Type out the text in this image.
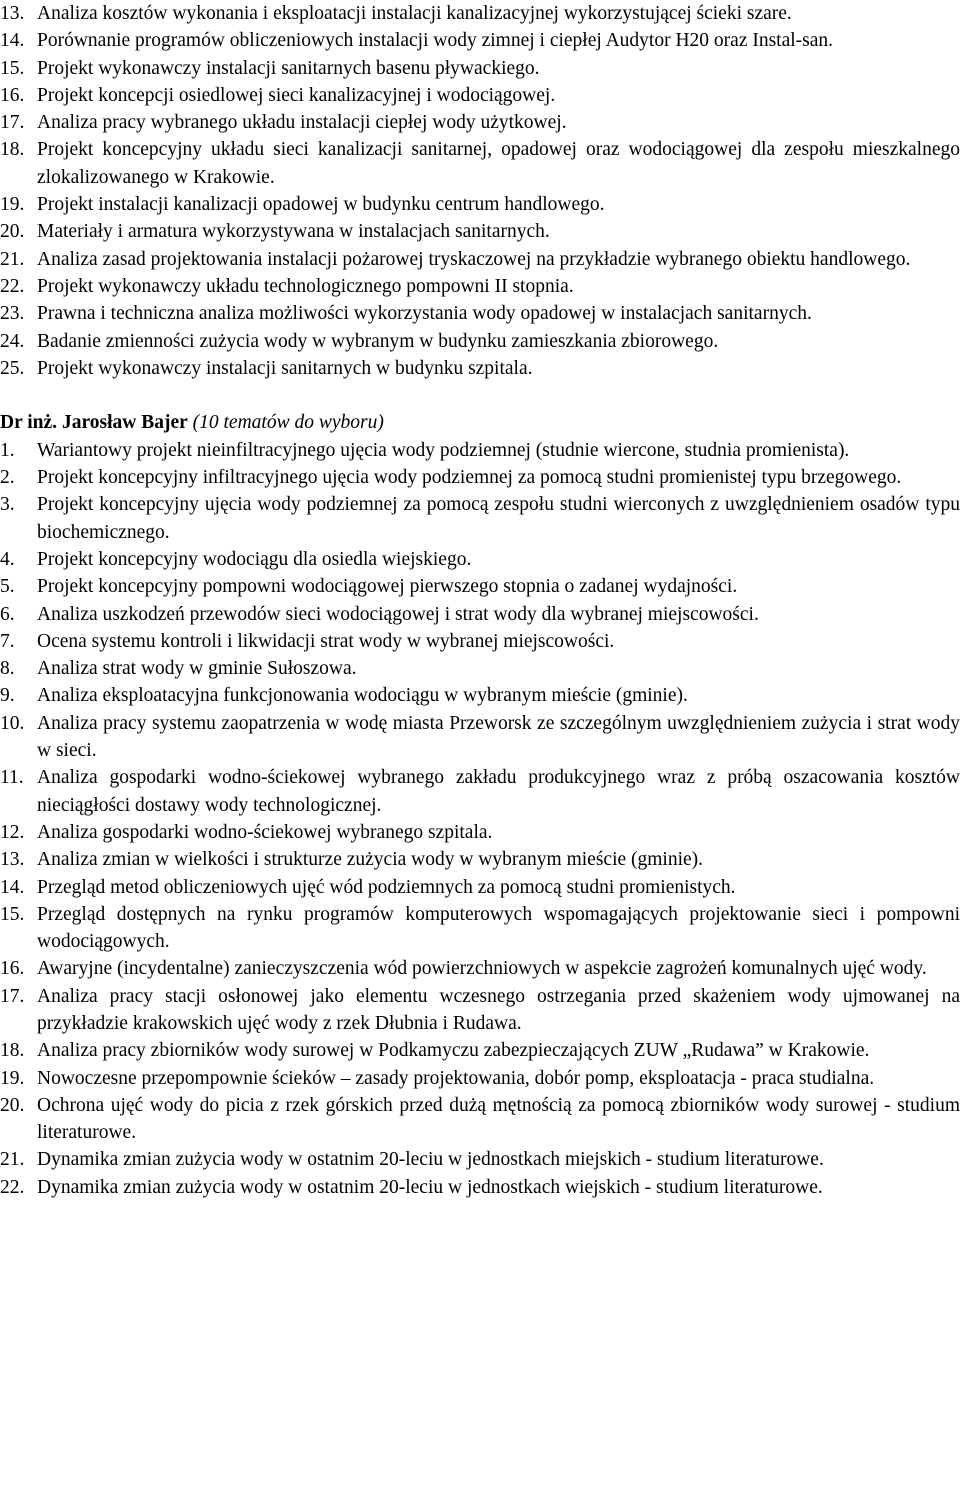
13. Analiza kosztów wykonania i eksploatacji instalacji kanalizacyjnej wykorzystującej ścieki szare.
14. Porównanie programów obliczeniowych instalacji wody zimnej i ciepłej Audytor H20 oraz Instal-san.
15. Projekt wykonawczy instalacji sanitarnych basenu pływackiego.
16. Projekt koncepcji osiedlowej sieci kanalizacyjnej i wodociągowej.
17. Analiza pracy wybranego układu instalacji ciepłej wody użytkowej.
18. Projekt koncepcyjny układu sieci kanalizacji sanitarnej, opadowej oraz wodociągowej dla zespołu mieszkalnego zlokalizowanego w Krakowie.
19. Projekt instalacji kanalizacji opadowej w budynku centrum handlowego.
20. Materiały i armatura wykorzystywana w instalacjach sanitarnych.
21. Analiza zasad projektowania instalacji pożarowej tryskaczowej na przykładzie wybranego obiektu handlowego.
22. Projekt wykonawczy układu technologicznego pompowni II stopnia.
23. Prawna i techniczna analiza możliwości wykorzystania wody opadowej w instalacjach sanitarnych.
24. Badanie zmienności zużycia wody w wybranym w budynku zamieszkania zbiorowego.
25. Projekt wykonawczy instalacji sanitarnych w budynku szpitala.
Dr inż. Jarosław Bajer (10 tematów do wyboru)
1.	Wariantowy projekt nieinfiltracyjnego ujęcia wody podziemnej (studnie wiercone, studnia promienista).
2.	Projekt koncepcyjny infiltracyjnego ujęcia wody podziemnej za pomocą studni promienistej typu brzegowego.
3.	Projekt koncepcyjny ujęcia wody podziemnej za pomocą zespołu studni wierconych z uwzględnieniem osadów typu biochemicznego.
4.	Projekt koncepcyjny wodociągu dla osiedla wiejskiego.
5.	Projekt koncepcyjny pompowni wodociągowej pierwszego stopnia o zadanej wydajności.
6.	Analiza uszkodzeń przewodów sieci wodociągowej i strat wody dla wybranej miejscowości.
7.	Ocena systemu kontroli i likwidacji strat wody w wybranej miejscowości.
8.	Analiza strat wody w gminie Sułoszowa.
9.	Analiza eksploatacyjna funkcjonowania wodociągu w wybranym mieście (gminie).
10. Analiza pracy systemu zaopatrzenia w wodę miasta Przeworsk ze szczególnym uwzględnieniem zużycia i strat wody w sieci.
11. Analiza gospodarki wodno-ściekowej wybranego zakładu produkcyjnego wraz z próbą oszacowania kosztów nieciągłości dostawy wody technologicznej.
12. Analiza gospodarki wodno-ściekowej wybranego szpitala.
13. Analiza zmian w wielkości i strukturze zużycia wody w wybranym mieście (gminie).
14. Przegląd metod obliczeniowych ujęć wód podziemnych za pomocą studni promienistych.
15. Przegląd dostępnych na rynku programów komputerowych wspomagających projektowanie sieci i pompowni wodociągowych.
16. Awaryjne (incydentalne) zanieczyszczenia wód powierzchniowych w aspekcie zagrożeń komunalnych ujęć wody.
17. Analiza pracy stacji osłonowej jako elementu wczesnego ostrzegania przed skażeniem wody ujmowanej na przykładzie krakowskich ujęć wody z rzek Dłubnia i Rudawa.
18. Analiza pracy zbiorników wody surowej w Podkamyczu zabezpieczających ZUW „Rudawa” w Krakowie.
19. Nowoczesne przepompownie ścieków – zasady projektowania, dobór pomp, eksploatacja - praca studialna.
20. Ochrona ujęć wody do picia z rzek górskich przed dużą mętnością za pomocą zbiorników wody surowej - studium literaturowe.
21. Dynamika zmian zużycia wody w ostatnim 20-leciu w jednostkach miejskich - studium literaturowe.
22. Dynamika zmian zużycia wody w ostatnim 20-leciu w jednostkach wiejskich - studium literaturowe.
